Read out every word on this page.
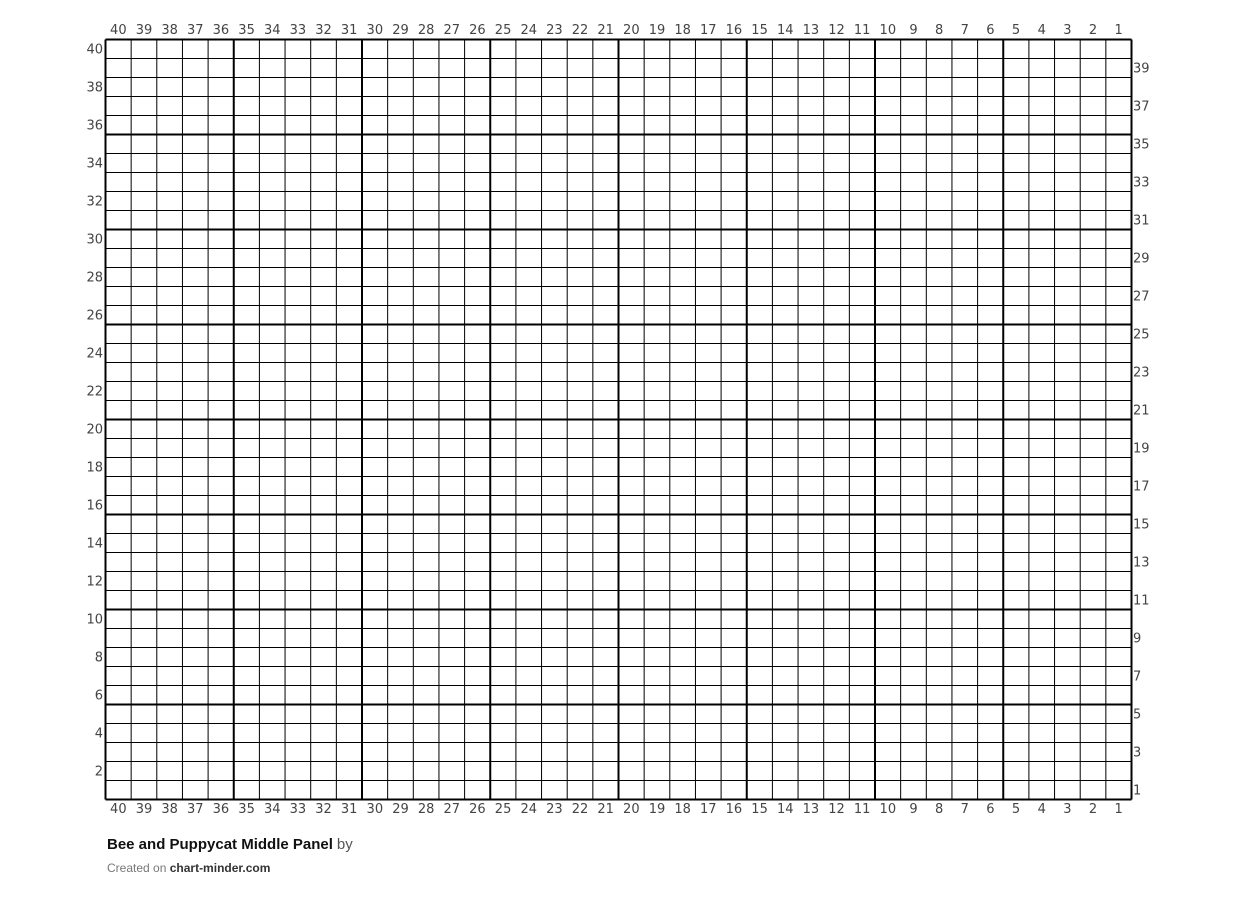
40 39 38 37 36 35 34 33 32 31 30 29 28 27 26 25 24 23 22 21 20 19 18 17 16 15 14 13 12 11 10 9 8 7 6 5 4 3 2 1
40 39 38 37 36 35 34 33 32 31 30 29 28 27 26 25 24 23 22 21 20 19 18 17 16 15 14 13 12 11 10 9 8 7 6 5 4 3 2 1
2
4
6
8
10
12
14
16
18
20
22
24
26
28
30
32
34
36
38
40
1
3
5
7
9
11
13
15
17
19
21
23
25
27
29
31
33
35
37
39
Bee and Puppycat Middle Panel by
Created on chart-minder.com
